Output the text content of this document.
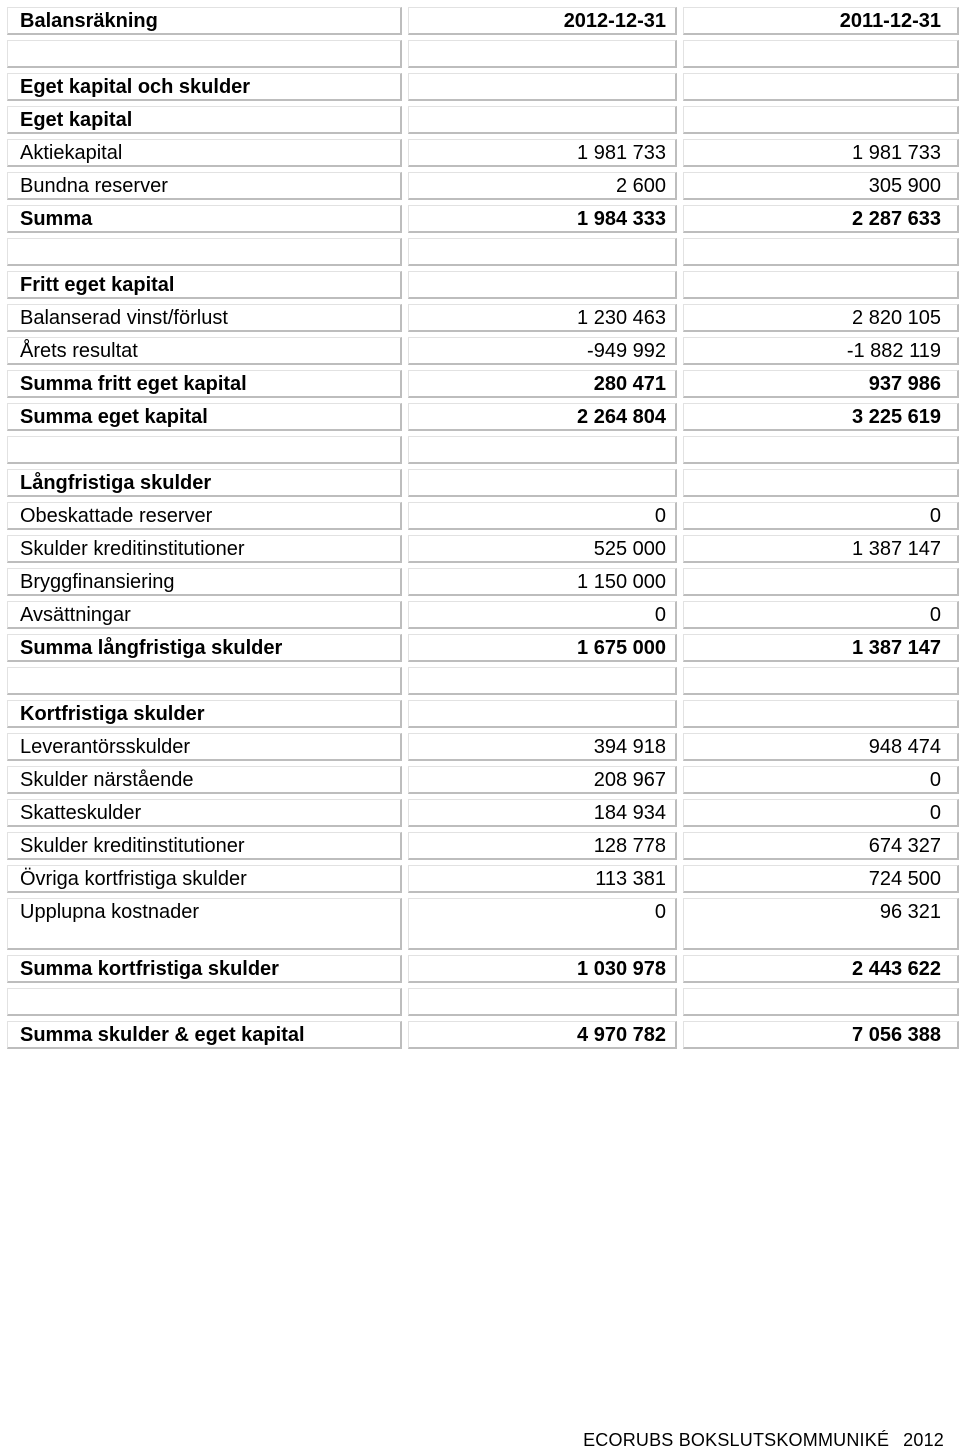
Balansräkning	2012-12-31	2011-12-31
Eget kapital och skulder
Eget kapital
Aktiekapital	1 981 733	1 981 733
Bundna reserver	2 600	305 900
Summa	1 984 333	2 287 633
Fritt eget kapital
Balanserad vinst/förlust	1 230 463	2 820 105
Årets resultat	-949 992	-1 882 119
Summa fritt eget kapital	280 471	937 986
Summa eget kapital	2 264 804	3 225 619
Långfristiga skulder
Obeskattade reserver	0	0
Skulder kreditinstitutioner	525 000	1 387 147
Bryggfinansiering	1 150 000
Avsättningar	0	0
Summa långfristiga skulder	1 675 000	1 387 147
Kortfristiga skulder
Leverantörsskulder	394 918	948 474
Skulder närstående	208 967	0
Skatteskulder	184 934	0
Skulder kreditinstitutioner	128 778	674 327
Övriga kortfristiga skulder	113 381	724 500
Upplupna kostnader	0	96 321
Summa kortfristiga skulder	1 030 978	2 443 622
Summa skulder & eget kapital	4 970 782	7 056 388
ECORUBS BOKSLUTSKOMMUNIKÉ 2012
